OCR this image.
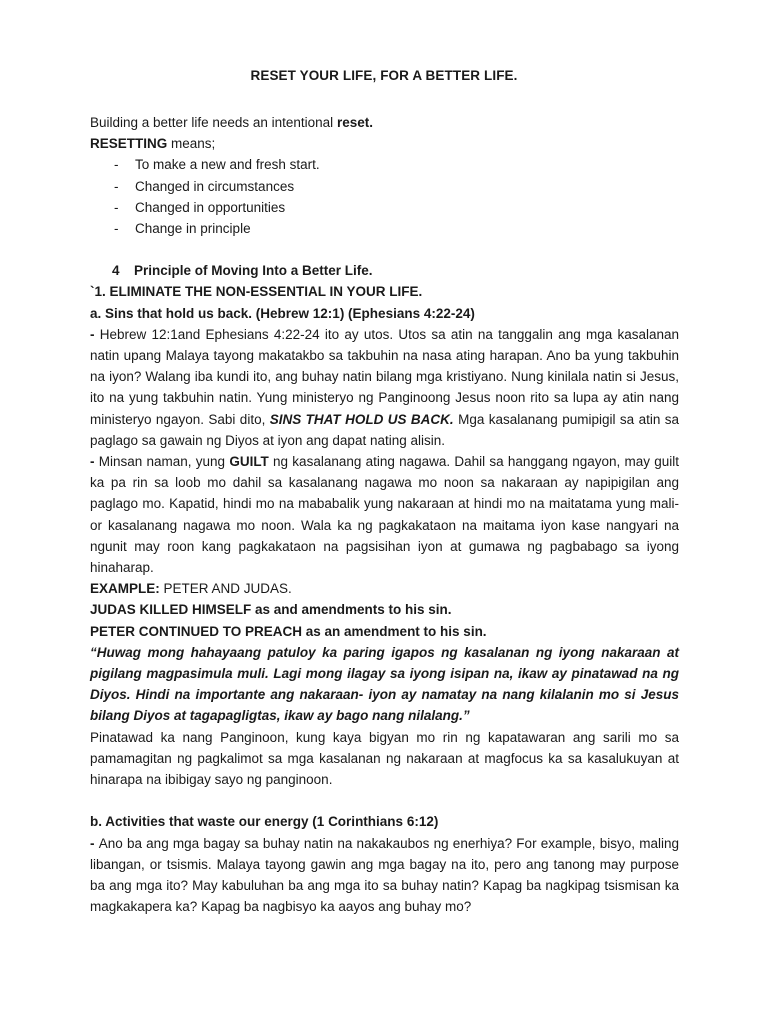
RESET YOUR LIFE, FOR A BETTER LIFE.

Building a better life needs an intentional reset.

RESETTING means;

- To make a new and fresh start.
- Changed in circumstances
- Changed in opportunities
- Change in principle

4 Principle of Moving Into a Better Life.

`1. ELIMINATE THE NON-ESSENTIAL IN YOUR LIFE.

a. Sins that hold us back. (Hebrew 12:1) (Ephesians 4:22-24)

- Hebrew 12:1and Ephesians 4:22-24 ito ay utos. Utos sa atin na tanggalin ang mga kasalanan natin upang Malaya tayong makatakbo sa takbuhin na nasa ating harapan. Ano ba yung takbuhin na iyon? Walang iba kundi ito, ang buhay natin bilang mga kristiyano. Nung kinilala natin si Jesus, ito na yung takbuhin natin. Yung ministeryo ng Panginoong Jesus noon rito sa lupa ay atin nang ministeryo ngayon. Sabi dito, SINS THAT HOLD US BACK. Mga kasalanang pumipigil sa atin sa paglago sa gawain ng Diyos at iyon ang dapat nating alisin.

- Minsan naman, yung GUILT ng kasalanang ating nagawa. Dahil sa hanggang ngayon, may guilt ka pa rin sa loob mo dahil sa kasalanang nagawa mo noon sa nakaraan ay napipigilan ang paglago mo. Kapatid, hindi mo na mababalik yung nakaraan at hindi mo na maitatama yung mali-or kasalanang nagawa mo noon. Wala ka ng pagkakataon na maitama iyon kase nangyari na ngunit may roon kang pagkakataon na pagsisihan iyon at gumawa ng pagbabago sa iyong hinaharap.

EXAMPLE: PETER AND JUDAS.

JUDAS KILLED HIMSELF as and amendments to his sin.

PETER CONTINUED TO PREACH as an amendment to his sin.

“Huwag mong hahayaang patuloy ka paring igapos ng kasalanan ng iyong nakaraan at pigilang magpasimula muli. Lagi mong ilagay sa iyong isipan na, ikaw ay pinatawad na ng Diyos. Hindi na importante ang nakaraan- iyon ay namatay na nang kilalanin mo si Jesus bilang Diyos at tagapagligtas, ikaw ay bago nang nilalang.”

Pinatawad ka nang Panginoon, kung kaya bigyan mo rin ng kapatawaran ang sarili mo sa pamamagitan ng pagkalimot sa mga kasalanan ng nakaraan at magfocus ka sa kasalukuyan at hinarapa na ibibigay sayo ng panginoon.

b. Activities that waste our energy (1 Corinthians 6:12)

- Ano ba ang mga bagay sa buhay natin na nakakaubos ng enerhiya? For example, bisyo, maling libangan, or tsismis. Malaya tayong gawin ang mga bagay na ito, pero ang tanong may purpose ba ang mga ito? May kabuluhan ba ang mga ito sa buhay natin? Kapag ba nagkipag tsismisan ka magkakapera ka? Kapag ba nagbisyo ka aayos ang buhay mo?
